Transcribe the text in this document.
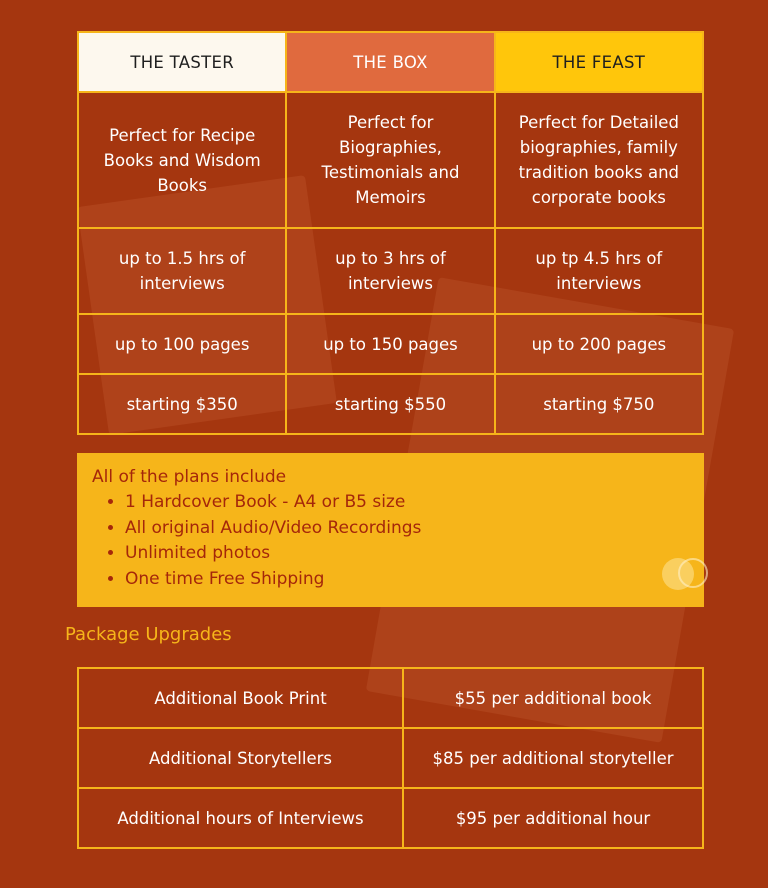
THE TASTER	THE BOX	THE FEAST
Perfect for Recipe Books and Wisdom Books	Perfect for Biographies, Testimonials and Memoirs	Perfect for Detailed biographies, family tradition books and corporate books
up to 1.5 hrs of interviews	up to 3 hrs of interviews	up tp 4.5 hrs of interviews
up to 100 pages	up to 150 pages	up to 200 pages
starting $350	starting $550	starting $750
All of the plans include
• 1 Hardcover Book - A4 or B5 size
• All original Audio/Video Recordings
• Unlimited photos
• One time Free Shipping
Package Upgrades
Additional Book Print	$55 per additional book
Additional Storytellers	$85 per additional storyteller
Additional hours of Interviews	$95 per additional hour
